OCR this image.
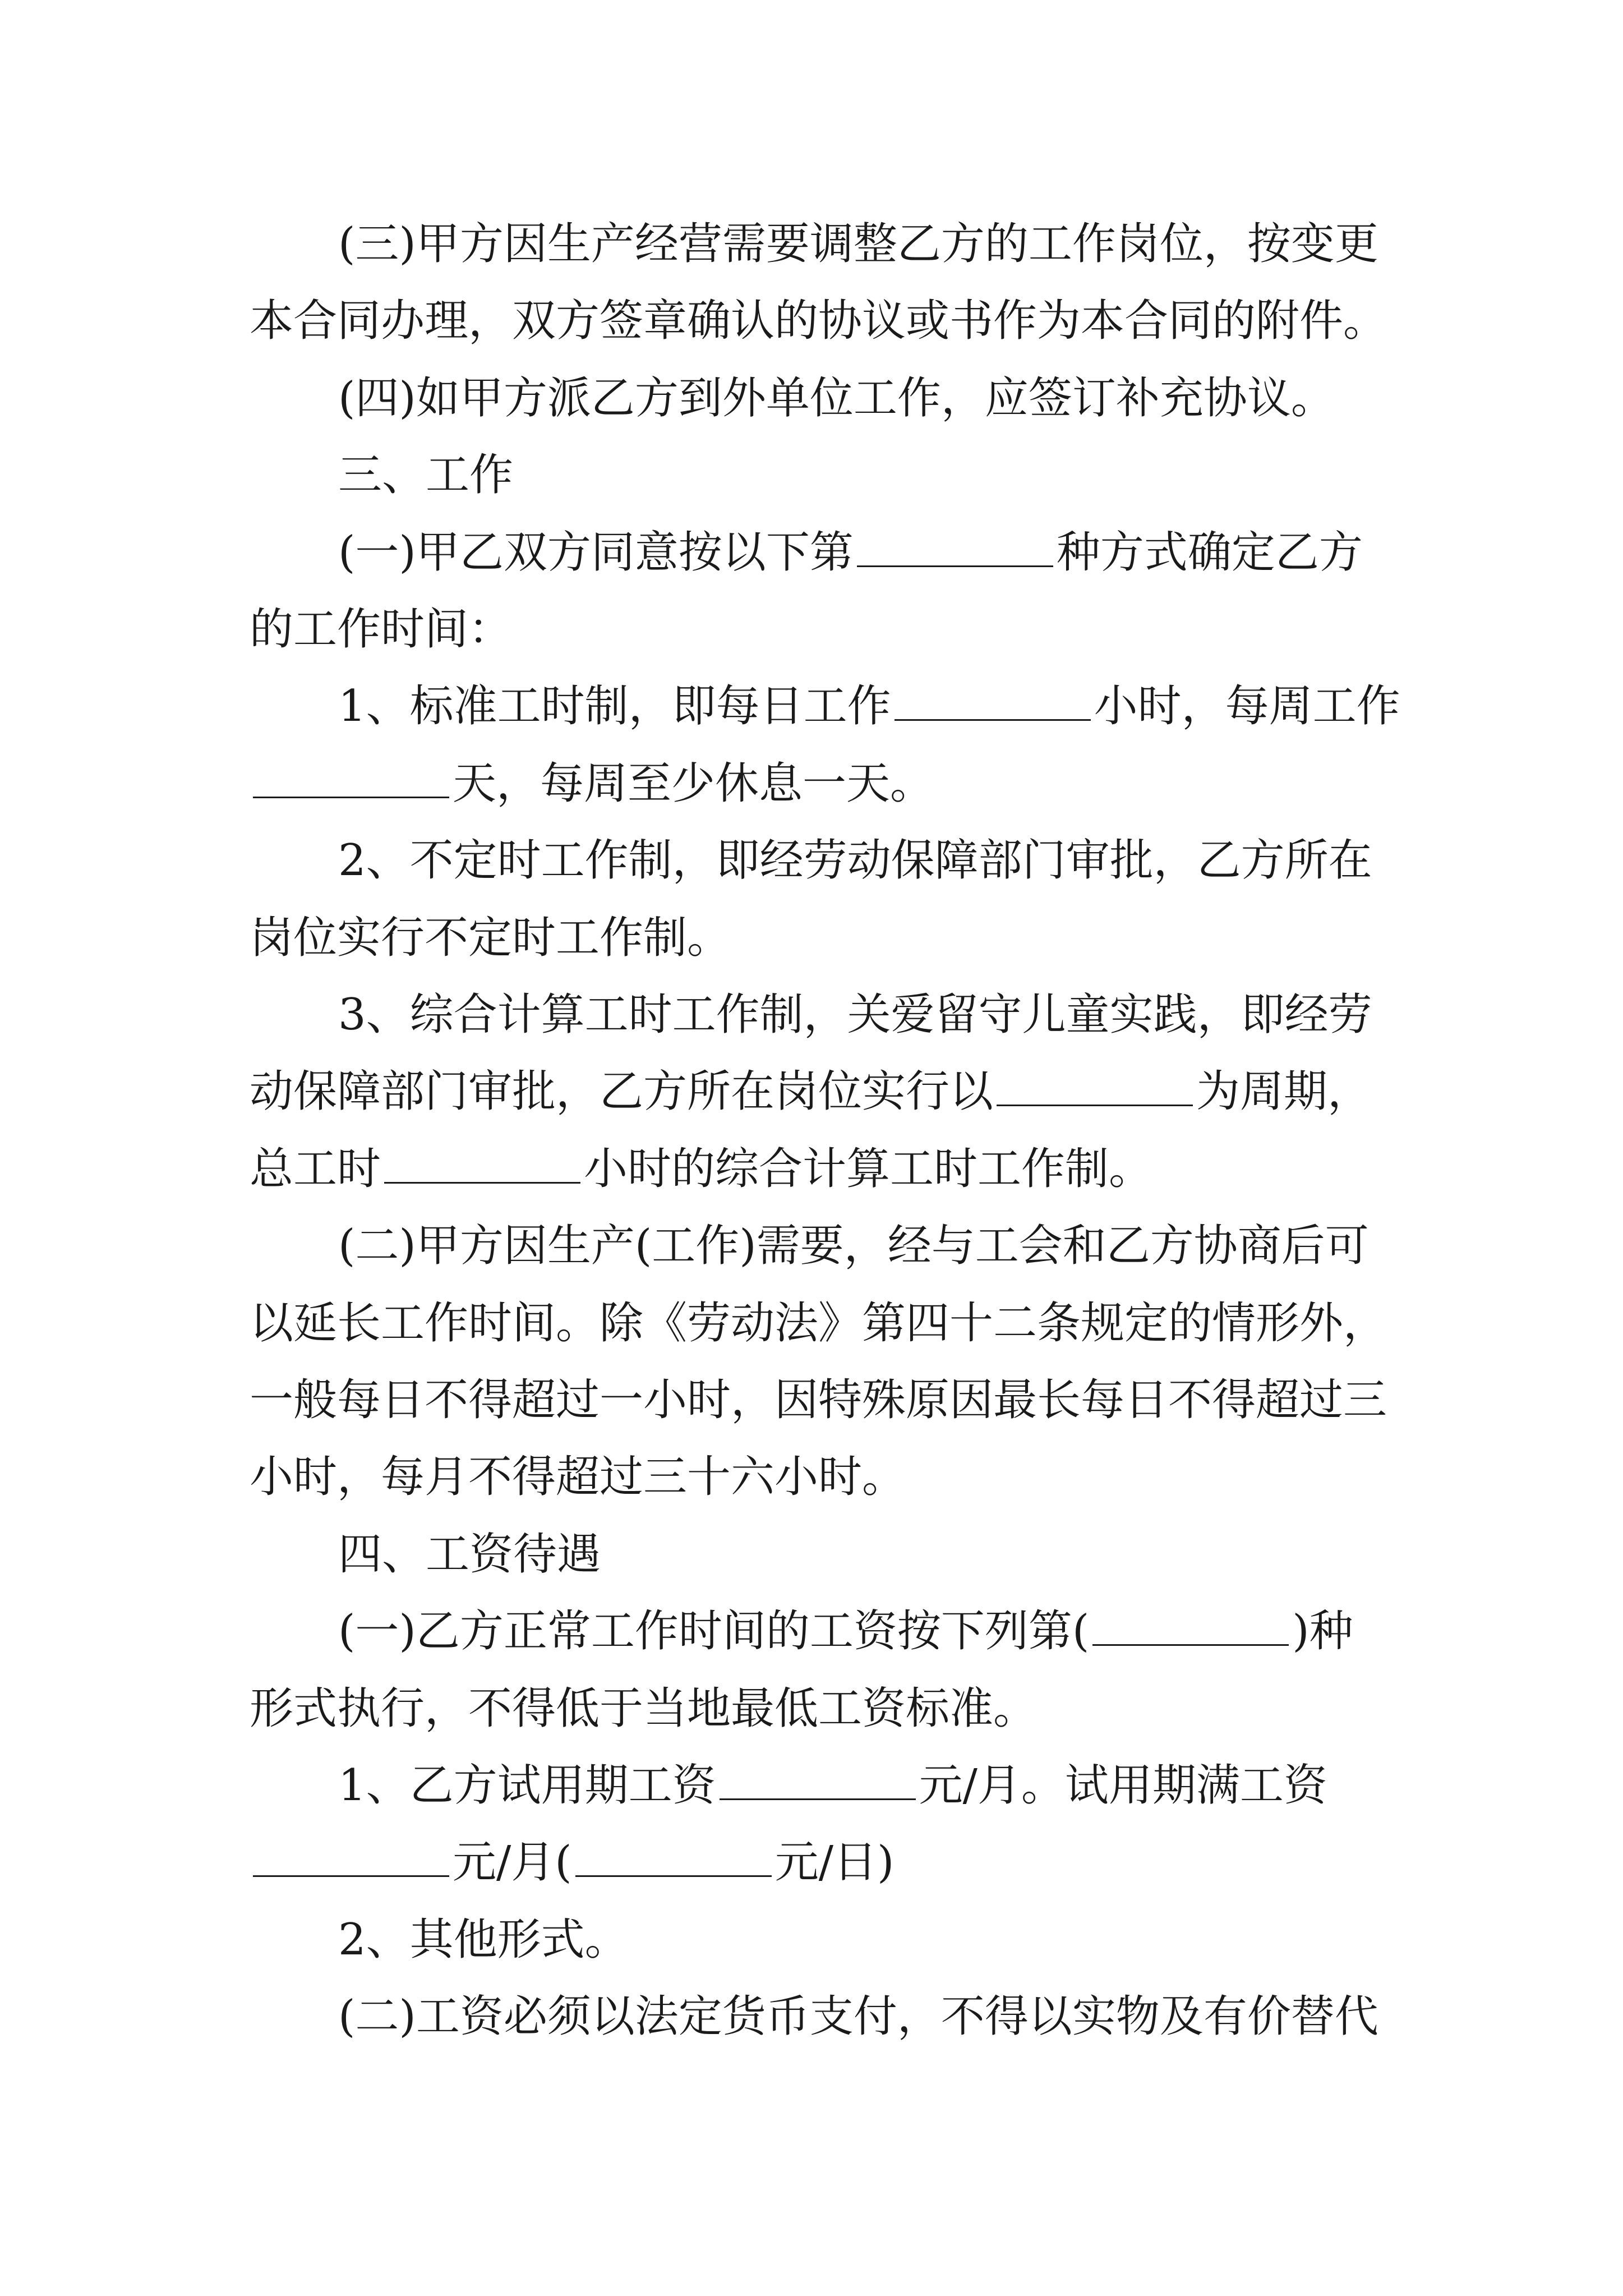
(三)甲方因生产经营需要调整乙方的工作岗位，按变更
本合同办理，双方签章确认的协议或书作为本合同的附件。
(四)如甲方派乙方到外单位工作，应签订补充协议。
三、工作
(一)甲乙双方同意按以下第	种方式确定乙方
的工作时间：
1、标准工时制，即每日工作	小时，每周工作
天，每周至少休息一天。
2、不定时工作制，即经劳动保障部门审批，乙方所在
岗位实行不定时工作制。
3、综合计算工时工作制，关爱留守儿童实践，即经劳
动保障部门审批，乙方所在岗位实行以	为周期，
总工时	小时的综合计算工时工作制。
(二)甲方因生产(工作)需要，经与工会和乙方协商后可
以延长工作时间。除《劳动法》第四十二条规定的情形外，
一般每日不得超过一小时，因特殊原因最长每日不得超过三
小时，每月不得超过三十六小时。
四、工资待遇
(一)乙方正常工作时间的工资按下列第(	)种
形式执行，不得低于当地最低工资标准。
1、乙方试用期工资	元/月。试用期满工资
元/月(	元/日)
2、其他形式。
(二)工资必须以法定货币支付，不得以实物及有价替代
